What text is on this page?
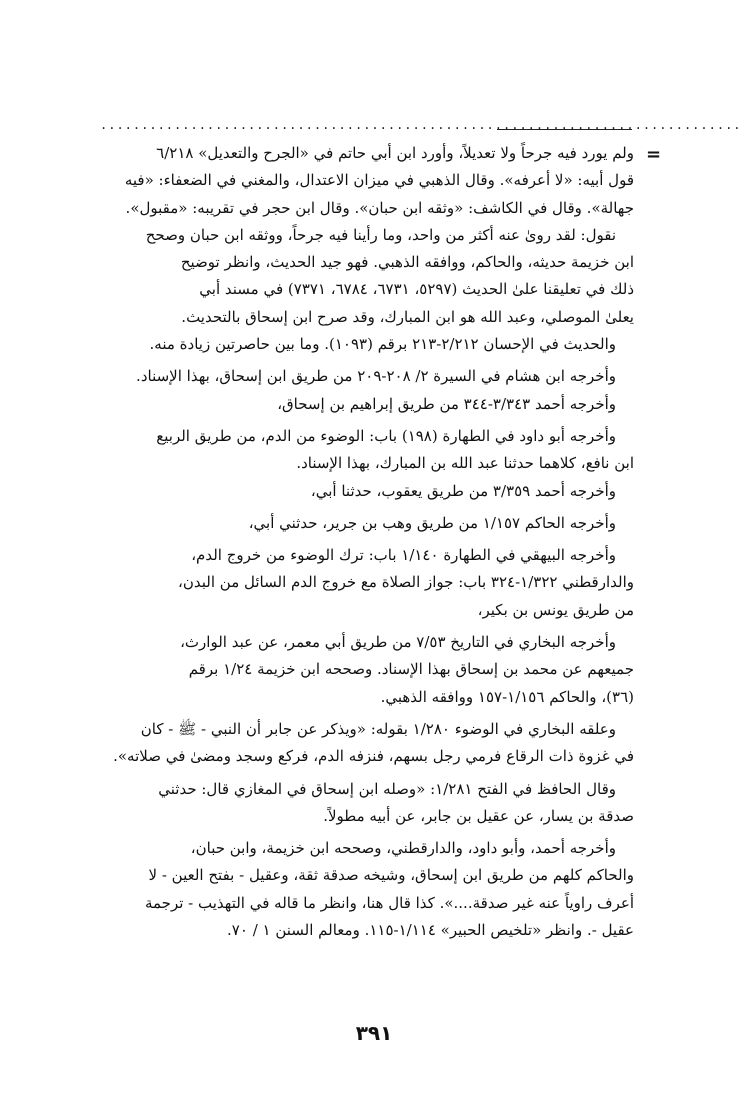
..............................................................................
=
ولم يورد فيه جرحاً ولا تعديلاً، وأورد ابن أبي حاتم في «الجرح والتعديل» ٦/٢١٨
قول أبيه: «لا أعرفه». وقال الذهبي في ميزان الاعتدال، والمغني في الضعفاء: «فيه
جهالة». وقال في الكاشف: «وثقه ابن حبان». وقال ابن حجر في تقريبه: «مقبول».
نقول: لقد روىٰ عنه أكثر من واحد، وما رأينا فيه جرحاً، ووثقه ابن حبان وصحح
ابن خزيمة حديثه، والحاكم، ووافقه الذهبي. فهو جيد الحديث، وانظر توضيح
ذلك في تعليقنا علىٰ الحديث (٥٢٩٧، ٦٧٣١، ٦٧٨٤، ٧٣٧١) في مسند أبي
يعلىٰ الموصلي، وعبد الله هو ابن المبارك، وقد صرح ابن إسحاق بالتحديث.
والحديث في الإحسان ٢/٢١٢-٢١٣ برقم (١٠٩٣). وما بين حاصرتين زيادة منه.
وأخرجه ابن هشام في السيرة ٢/ ٢٠٨-٢٠٩ من طريق ابن إسحاق، بهذا الإسناد.
وأخرجه أحمد ٣/٣٤٣-٣٤٤ من طريق إبراهيم بن إسحاق،
وأخرجه أبو داود في الطهارة (١٩٨) باب: الوضوء من الدم، من طريق الربيع
ابن نافع، كلاهما حدثنا عبد الله بن المبارك، بهذا الإسناد.
وأخرجه أحمد ٣/٣٥٩ من طريق يعقوب، حدثنا أبي،
وأخرجه الحاكم ١/١٥٧ من طريق وهب بن جرير، حدثني أبي،
وأخرجه البيهقي في الطهارة ١/١٤٠ باب: ترك الوضوء من خروج الدم،
والدارقطني ١/٣٢٢-٣٢٤ باب: جواز الصلاة مع خروج الدم السائل من البدن،
من طريق يونس بن بكير،
وأخرجه البخاري في التاريخ ٧/٥٣ من طريق أبي معمر، عن عبد الوارث،
جميعهم عن محمد بن إسحاق بهذا الإسناد. وصححه ابن خزيمة ١/٢٤ برقم
(٣٦)، والحاكم ١/١٥٦-١٥٧ ووافقه الذهبي.
وعلقه البخاري في الوضوء ١/٢٨٠ بقوله: «ويذكر عن جابر أن النبي - ﷺ - كان
في غزوة ذات الرقاع فرمي رجل بسهم، فنزفه الدم، فركع وسجد ومضىٰ في صلاته».
وقال الحافظ في الفتح ١/٢٨١: «وصله ابن إسحاق في المغازي قال: حدثني
صدقة بن يسار، عن عقيل بن جابر، عن أبيه مطولاً.
وأخرجه أحمد، وأبو داود، والدارقطني، وصححه ابن خزيمة، وابن حبان،
والحاكم كلهم من طريق ابن إسحاق، وشيخه صدقة ثقة، وعقيل - بفتح العين - لا
أعرف راوياً عنه غير صدقة....». كذا قال هنا، وانظر ما قاله في التهذيب - ترجمة
عقيل -. وانظر «تلخيص الحبير» ١/١١٤-١١٥. ومعالم السنن ١ / ٧٠.
٣٩١
